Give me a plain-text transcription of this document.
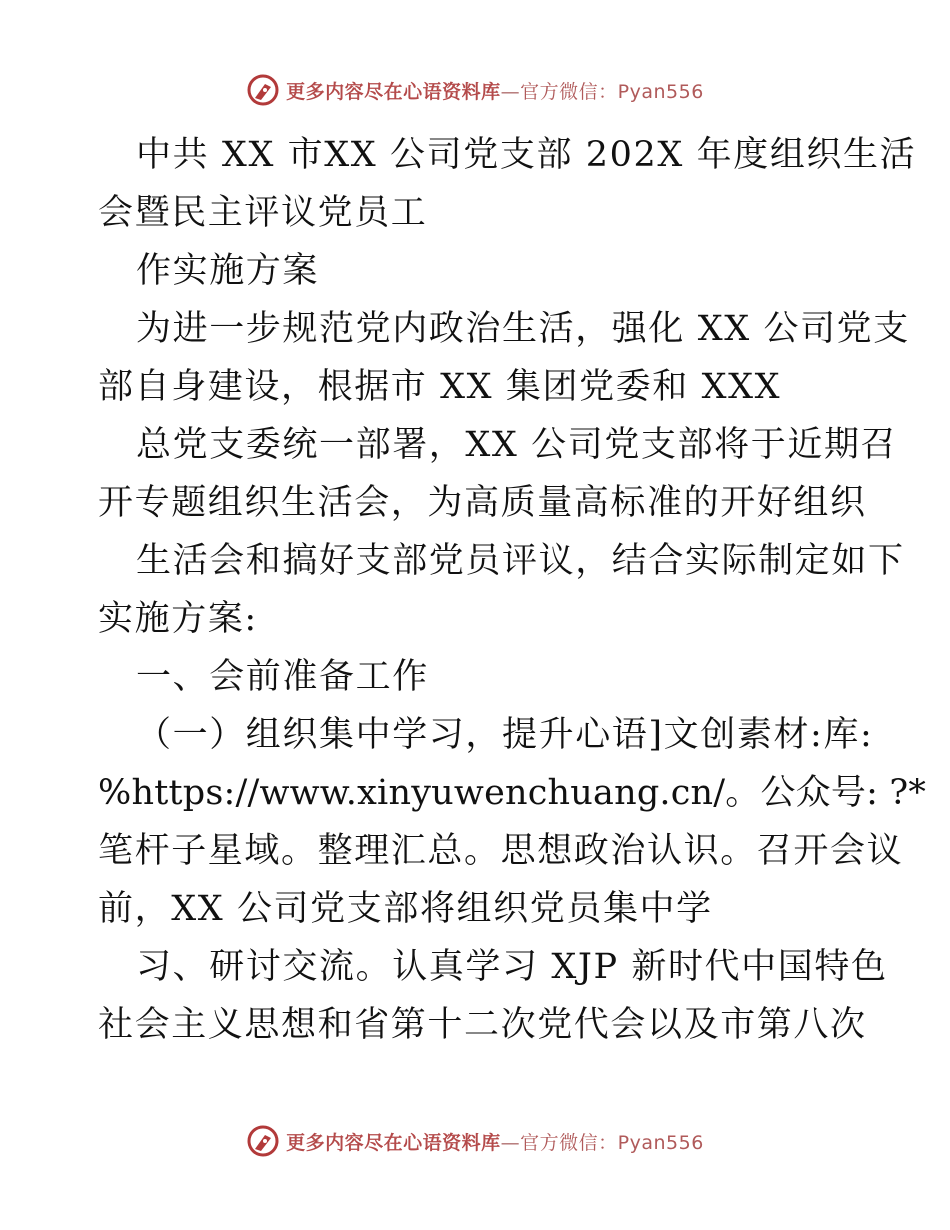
更多内容尽在心语资料库—官方微信：Pyan556
中共 XX 市XX 公司党支部 202X 年度组织生活
会暨民主评议党员工
作实施方案
为进一步规范党内政治生活，强化 XX 公司党支
部自身建设，根据市 XX 集团党委和 XXX
总党支委统一部署，XX 公司党支部将于近期召
开专题组织生活会，为高质量高标准的开好组织
生活会和搞好支部党员评议，结合实际制定如下
实施方案:
一、会前准备工作
（一）组织集中学习，提升心语]文创素材:库:
%https://www.xinyuwenchuang.cn/。公众号: ?*
笔杆子星域。整理汇总。思想政治认识。召开会议
前，XX 公司党支部将组织党员集中学
习、研讨交流。认真学习 XJP 新时代中国特色
社会主义思想和省第十二次党代会以及市第八次
更多内容尽在心语资料库—官方微信：Pyan556
